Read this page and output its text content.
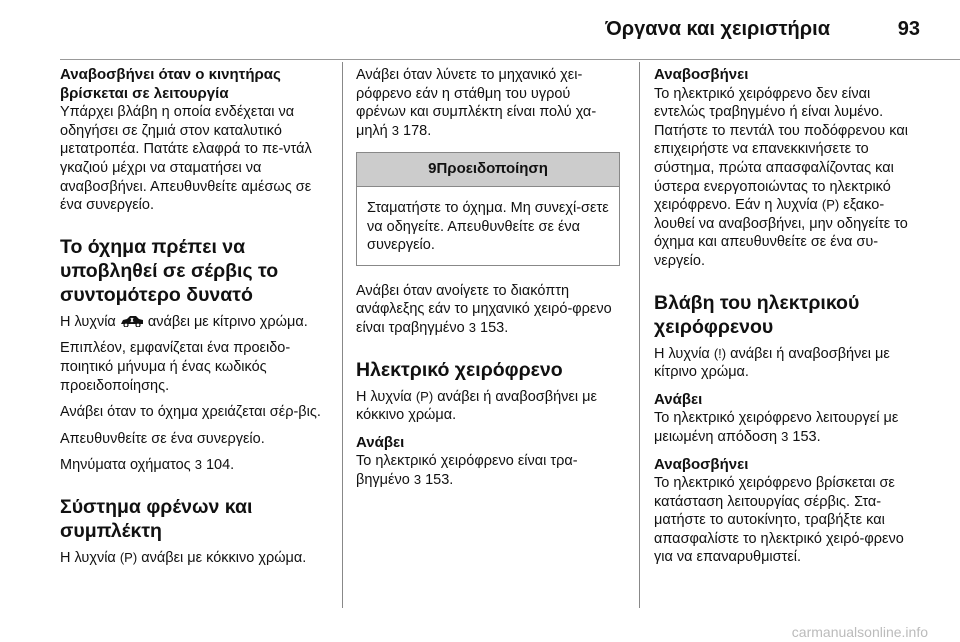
Όργανα και χειριστήρια	93
Αναβοσβήνει όταν ο κινητήρας βρίσκεται σε λειτουργία

Υπάρχει βλάβη η οποία ενδέχεται να οδηγήσει σε ζημιά στον καταλυτικό μετατροπέα. Πατάτε ελαφρά το πε-ντάλ γκαζιού μέχρι να σταματήσει να αναβοσβήνει. Απευθυνθείτε αμέσως σε ένα συνεργείο.

Το όχημα πρέπει να υποβληθεί σε σέρβις το συντομότερο δυνατό

Η λυχνία ανάβει με κίτρινο χρώμα.

Επιπλέον, εμφανίζεται ένα προειδο-ποιητικό μήνυμα ή ένας κωδικός προειδοποίησης.

Ανάβει όταν το όχημα χρειάζεται σέρ-βις.

Απευθυνθείτε σε ένα συνεργείο.

Μηνύματα οχήματος 3 104.

Σύστημα φρένων και συμπλέκτη

Η λυχνία (P) ανάβει με κόκκινο χρώμα.

Ανάβει όταν λύνετε το μηχανικό χει-ρόφρενο εάν η στάθμη του υγρού φρένων και συμπλέκτη είναι πολύ χα-μηλή 3 178.

9Προειδοποίηση
Σταματήστε το όχημα. Μη συνεχί-σετε να οδηγείτε. Απευθυνθείτε σε ένα συνεργείο.

Ανάβει όταν ανοίγετε το διακόπτη ανάφλεξης εάν το μηχανικό χειρό-φρενο είναι τραβηγμένο 3 153.

Ηλεκτρικό χειρόφρενο

Η λυχνία (P) ανάβει ή αναβοσβήνει με κόκκινο χρώμα.

Ανάβει

Το ηλεκτρικό χειρόφρενο είναι τρα-βηγμένο 3 153.

Αναβοσβήνει

Το ηλεκτρικό χειρόφρενο δεν είναι εντελώς τραβηγμένο ή είναι λυμένο. Πατήστε το πεντάλ του ποδόφρενου και επιχειρήστε να επανεκκινήσετε το σύστημα, πρώτα απασφαλίζοντας και ύστερα ενεργοποιώντας το ηλεκτρικό χειρόφρενο. Εάν η λυχνία (P) εξακο-λουθεί να αναβοσβήνει, μην οδηγείτε το όχημα και απευθυνθείτε σε ένα συ-νεργείο.

Βλάβη του ηλεκτρικού χειρόφρενου

Η λυχνία (!) ανάβει ή αναβοσβήνει με κίτρινο χρώμα.

Ανάβει

Το ηλεκτρικό χειρόφρενο λειτουργεί με μειωμένη απόδοση 3 153.

Αναβοσβήνει

Το ηλεκτρικό χειρόφρενο βρίσκεται σε κατάσταση λειτουργίας σέρβις. Στα-ματήστε το αυτοκίνητο, τραβήξτε και απασφαλίστε το ηλεκτρικό χειρό-φρενο για να επαναρυθμιστεί.

carmanualsonline.info
